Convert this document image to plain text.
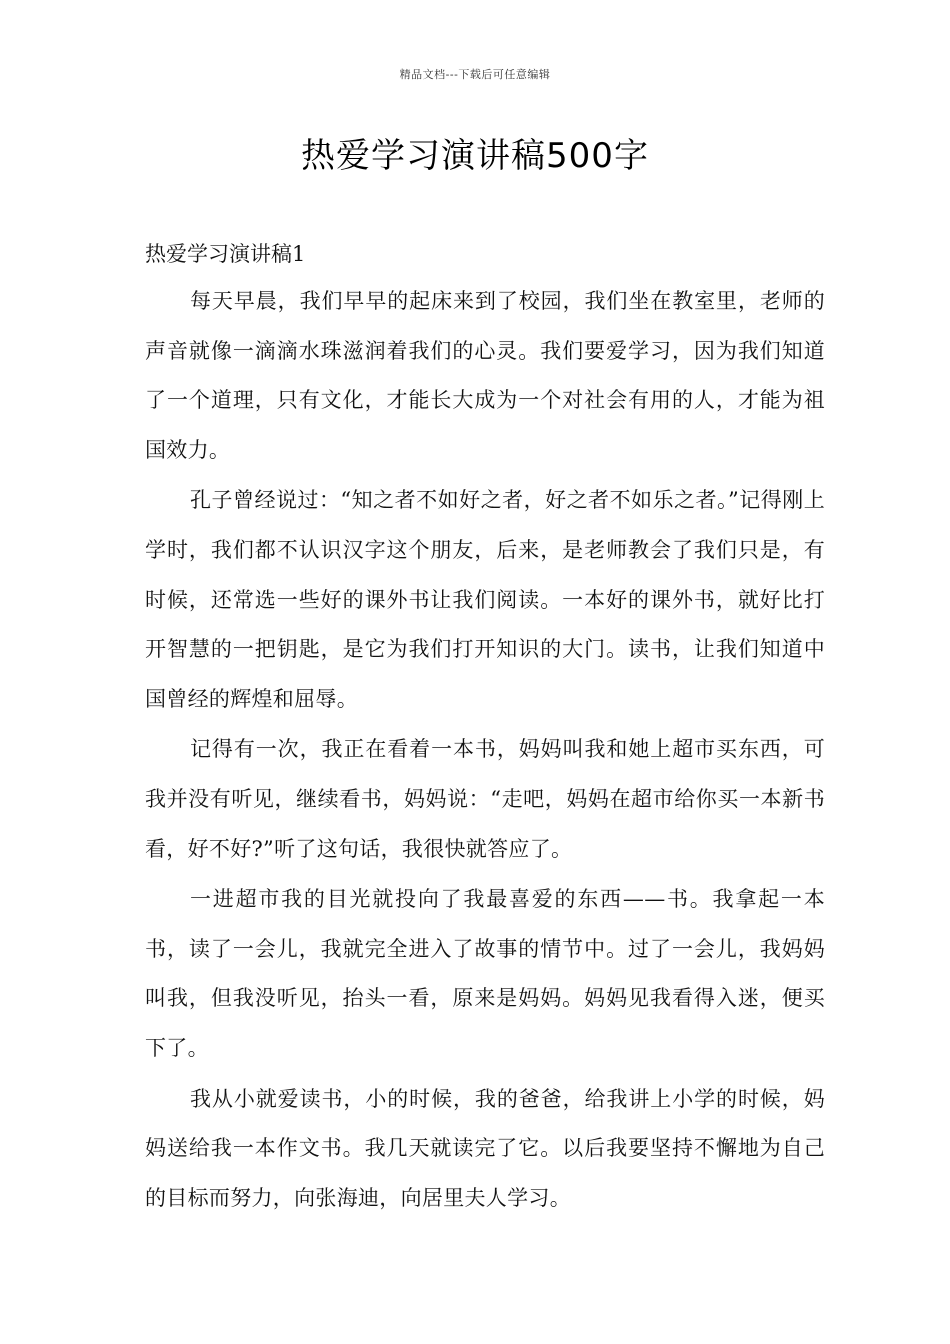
精品文档---下载后可任意编辑
热爱学习演讲稿500字
热爱学习演讲稿1

每天早晨，我们早早的起床来到了校园，我们坐在教室里，老师的声音就像一滴滴水珠滋润着我们的心灵。我们要爱学习，因为我们知道了一个道理，只有文化，才能长大成为一个对社会有用的人，才能为祖国效力。

孔子曾经说过：“知之者不如好之者，好之者不如乐之者。”记得刚上学时，我们都不认识汉字这个朋友，后来，是老师教会了我们只是，有时候，还常选一些好的课外书让我们阅读。一本好的课外书，就好比打开智慧的一把钥匙，是它为我们打开知识的大门。读书，让我们知道中国曾经的辉煌和屈辱。

记得有一次，我正在看着一本书，妈妈叫我和她上超市买东西，可我并没有听见，继续看书，妈妈说：“走吧，妈妈在超市给你买一本新书看，好不好?”听了这句话，我很快就答应了。

一进超市我的目光就投向了我最喜爱的东西——书。我拿起一本书，读了一会儿，我就完全进入了故事的情节中。过了一会儿，我妈妈叫我，但我没听见，抬头一看，原来是妈妈。妈妈见我看得入迷，便买下了。

我从小就爱读书，小的时候，我的爸爸，给我讲上小学的时候，妈妈送给我一本作文书。我几天就读完了它。以后我要坚持不懈地为自己的目标而努力，向张海迪，向居里夫人学习。
